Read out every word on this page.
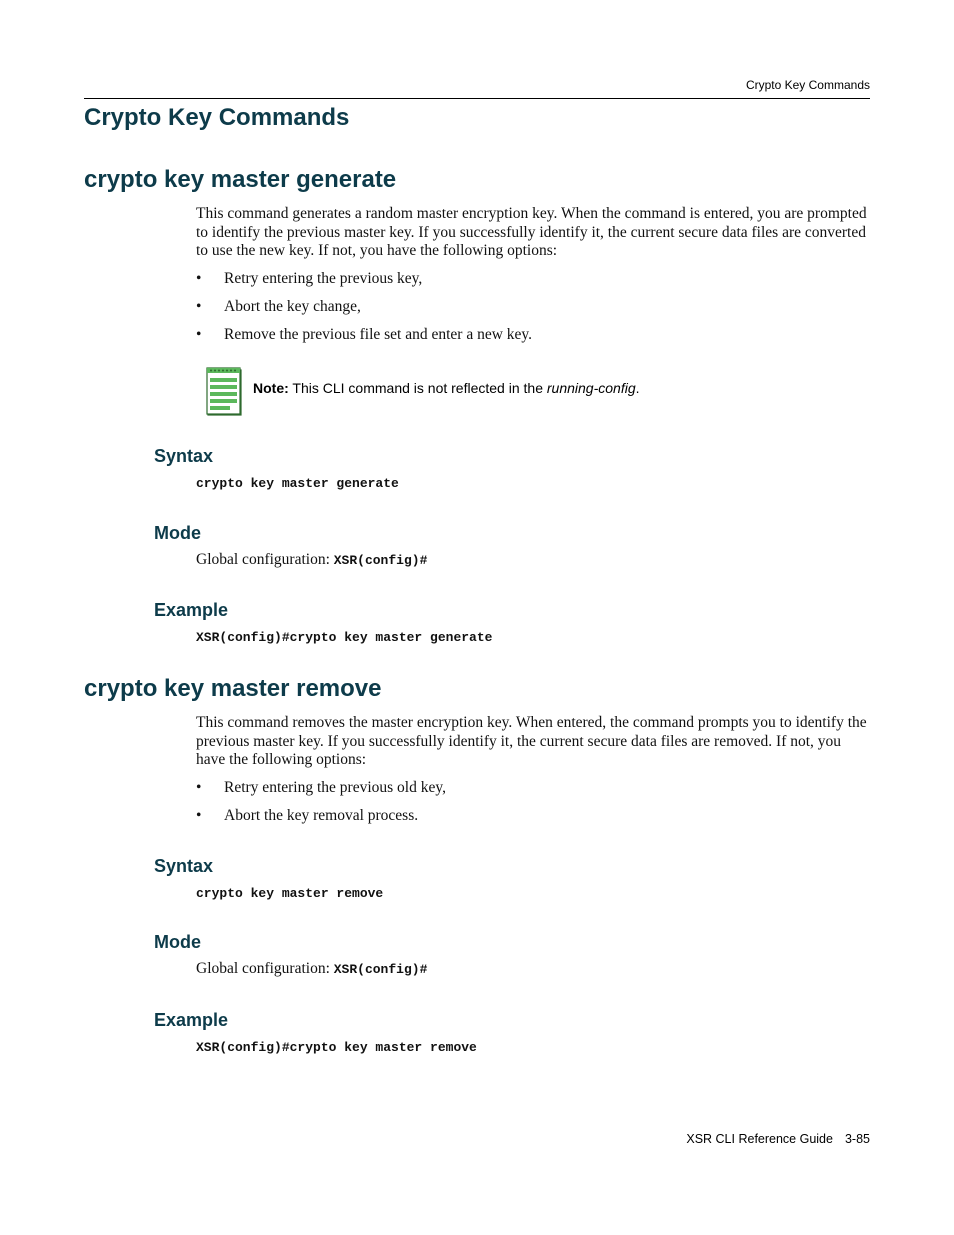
Crypto Key Commands
Crypto Key Commands
crypto key master generate

This command generates a random master encryption key. When the command is entered, you are prompted to identify the previous master key. If you successfully identify it, the current secure data files are converted to use the new key. If not, you have the following options:

• Retry entering the previous key,
• Abort the key change,
• Remove the previous file set and enter a new key.
Note: This CLI command is not reflected in the running-config.
Syntax
crypto key master generate
Mode
Global configuration: XSR(config)#
Example
XSR(config)#crypto key master generate
crypto key master remove

This command removes the master encryption key. When entered, the command prompts you to identify the previous master key. If you successfully identify it, the current secure data files are removed. If not, you have the following options:

• Retry entering the previous old key,
• Abort the key removal process.
Syntax
crypto key master remove
Mode
Global configuration: XSR(config)#
Example
XSR(config)#crypto key master remove
XSR CLI Reference Guide 3-85
